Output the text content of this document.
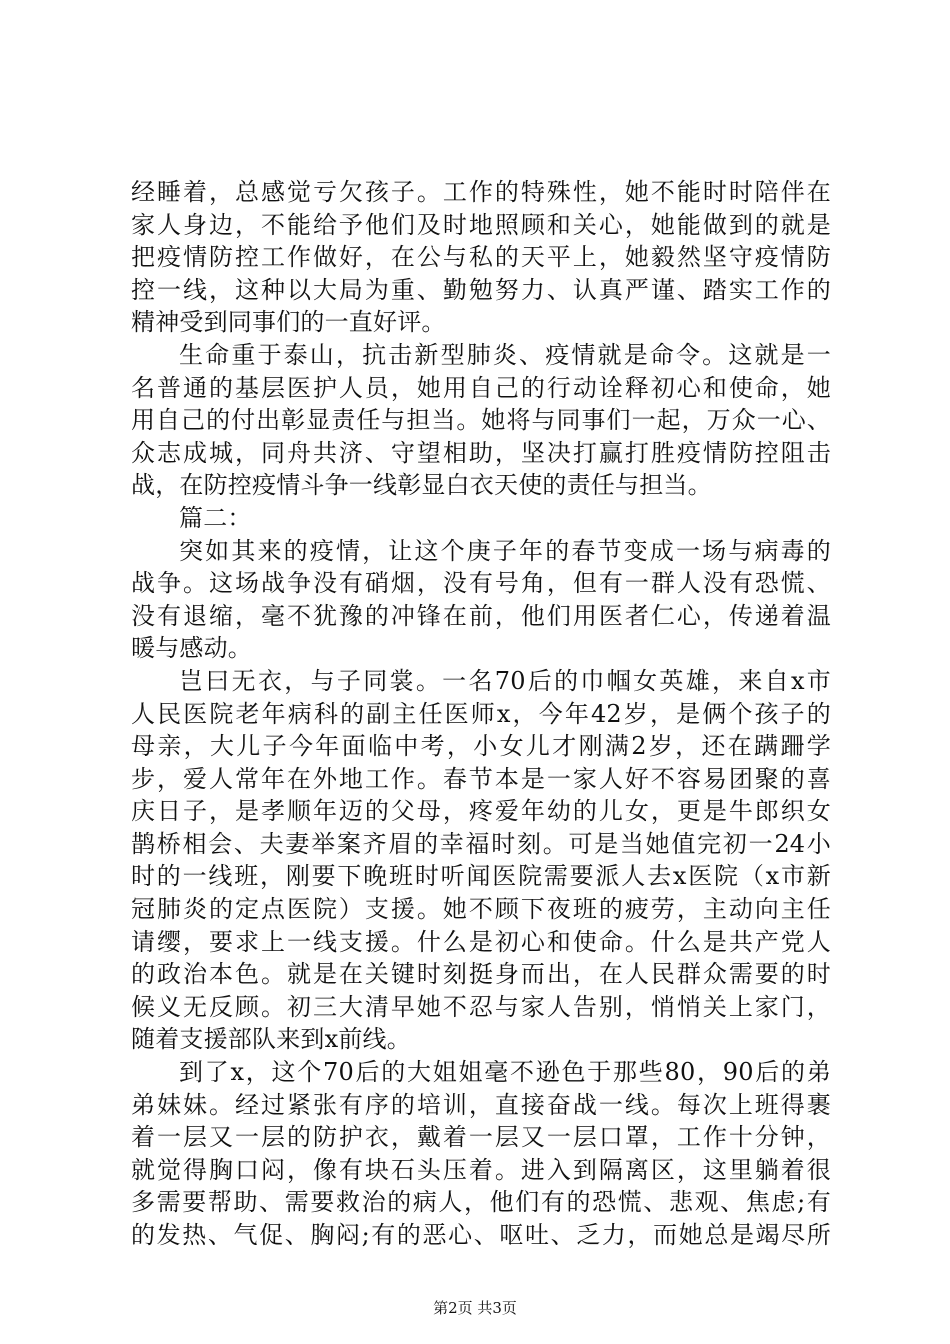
经睡着，总感觉亏欠孩子。工作的特殊性，她不能时时陪伴在
家人身边，不能给予他们及时地照顾和关心，她能做到的就是
把疫情防控工作做好，在公与私的天平上，她毅然坚守疫情防
控一线，这种以大局为重、勤勉努力、认真严谨、踏实工作的
精神受到同事们的一直好评。
生命重于泰山，抗击新型肺炎、疫情就是命令。这就是一
名普通的基层医护人员，她用自己的行动诠释初心和使命，她
用自己的付出彰显责任与担当。她将与同事们一起，万众一心、
众志成城，同舟共济、守望相助，坚决打赢打胜疫情防控阻击
战，在防控疫情斗争一线彰显白衣天使的责任与担当。
篇二：
突如其来的疫情，让这个庚子年的春节变成一场与病毒的
战争。这场战争没有硝烟，没有号角，但有一群人没有恐慌、
没有退缩，毫不犹豫的冲锋在前，他们用医者仁心，传递着温
暖与感动。
岂曰无衣，与子同裳。一名70后的巾帼女英雄，来自x市
人民医院老年病科的副主任医师x，今年42岁，是俩个孩子的
母亲，大儿子今年面临中考，小女儿才刚满2岁，还在蹒跚学
步，爱人常年在外地工作。春节本是一家人好不容易团聚的喜
庆日子，是孝顺年迈的父母，疼爱年幼的儿女，更是牛郎织女
鹊桥相会、夫妻举案齐眉的幸福时刻。可是当她值完初一24小
时的一线班，刚要下晚班时听闻医院需要派人去x医院（x市新
冠肺炎的定点医院）支援。她不顾下夜班的疲劳，主动向主任
请缨，要求上一线支援。什么是初心和使命。什么是共产党人
的政治本色。就是在关键时刻挺身而出，在人民群众需要的时
候义无反顾。初三大清早她不忍与家人告别，悄悄关上家门，
随着支援部队来到x前线。
到了x，这个70后的大姐姐毫不逊色于那些80，90后的弟
弟妹妹。经过紧张有序的培训，直接奋战一线。每次上班得裹
着一层又一层的防护衣，戴着一层又一层口罩，工作十分钟，
就觉得胸口闷，像有块石头压着。进入到隔离区，这里躺着很
多需要帮助、需要救治的病人，他们有的恐慌、悲观、焦虑;有
的发热、气促、胸闷;有的恶心、呕吐、乏力，而她总是竭尽所
第2页 共3页
